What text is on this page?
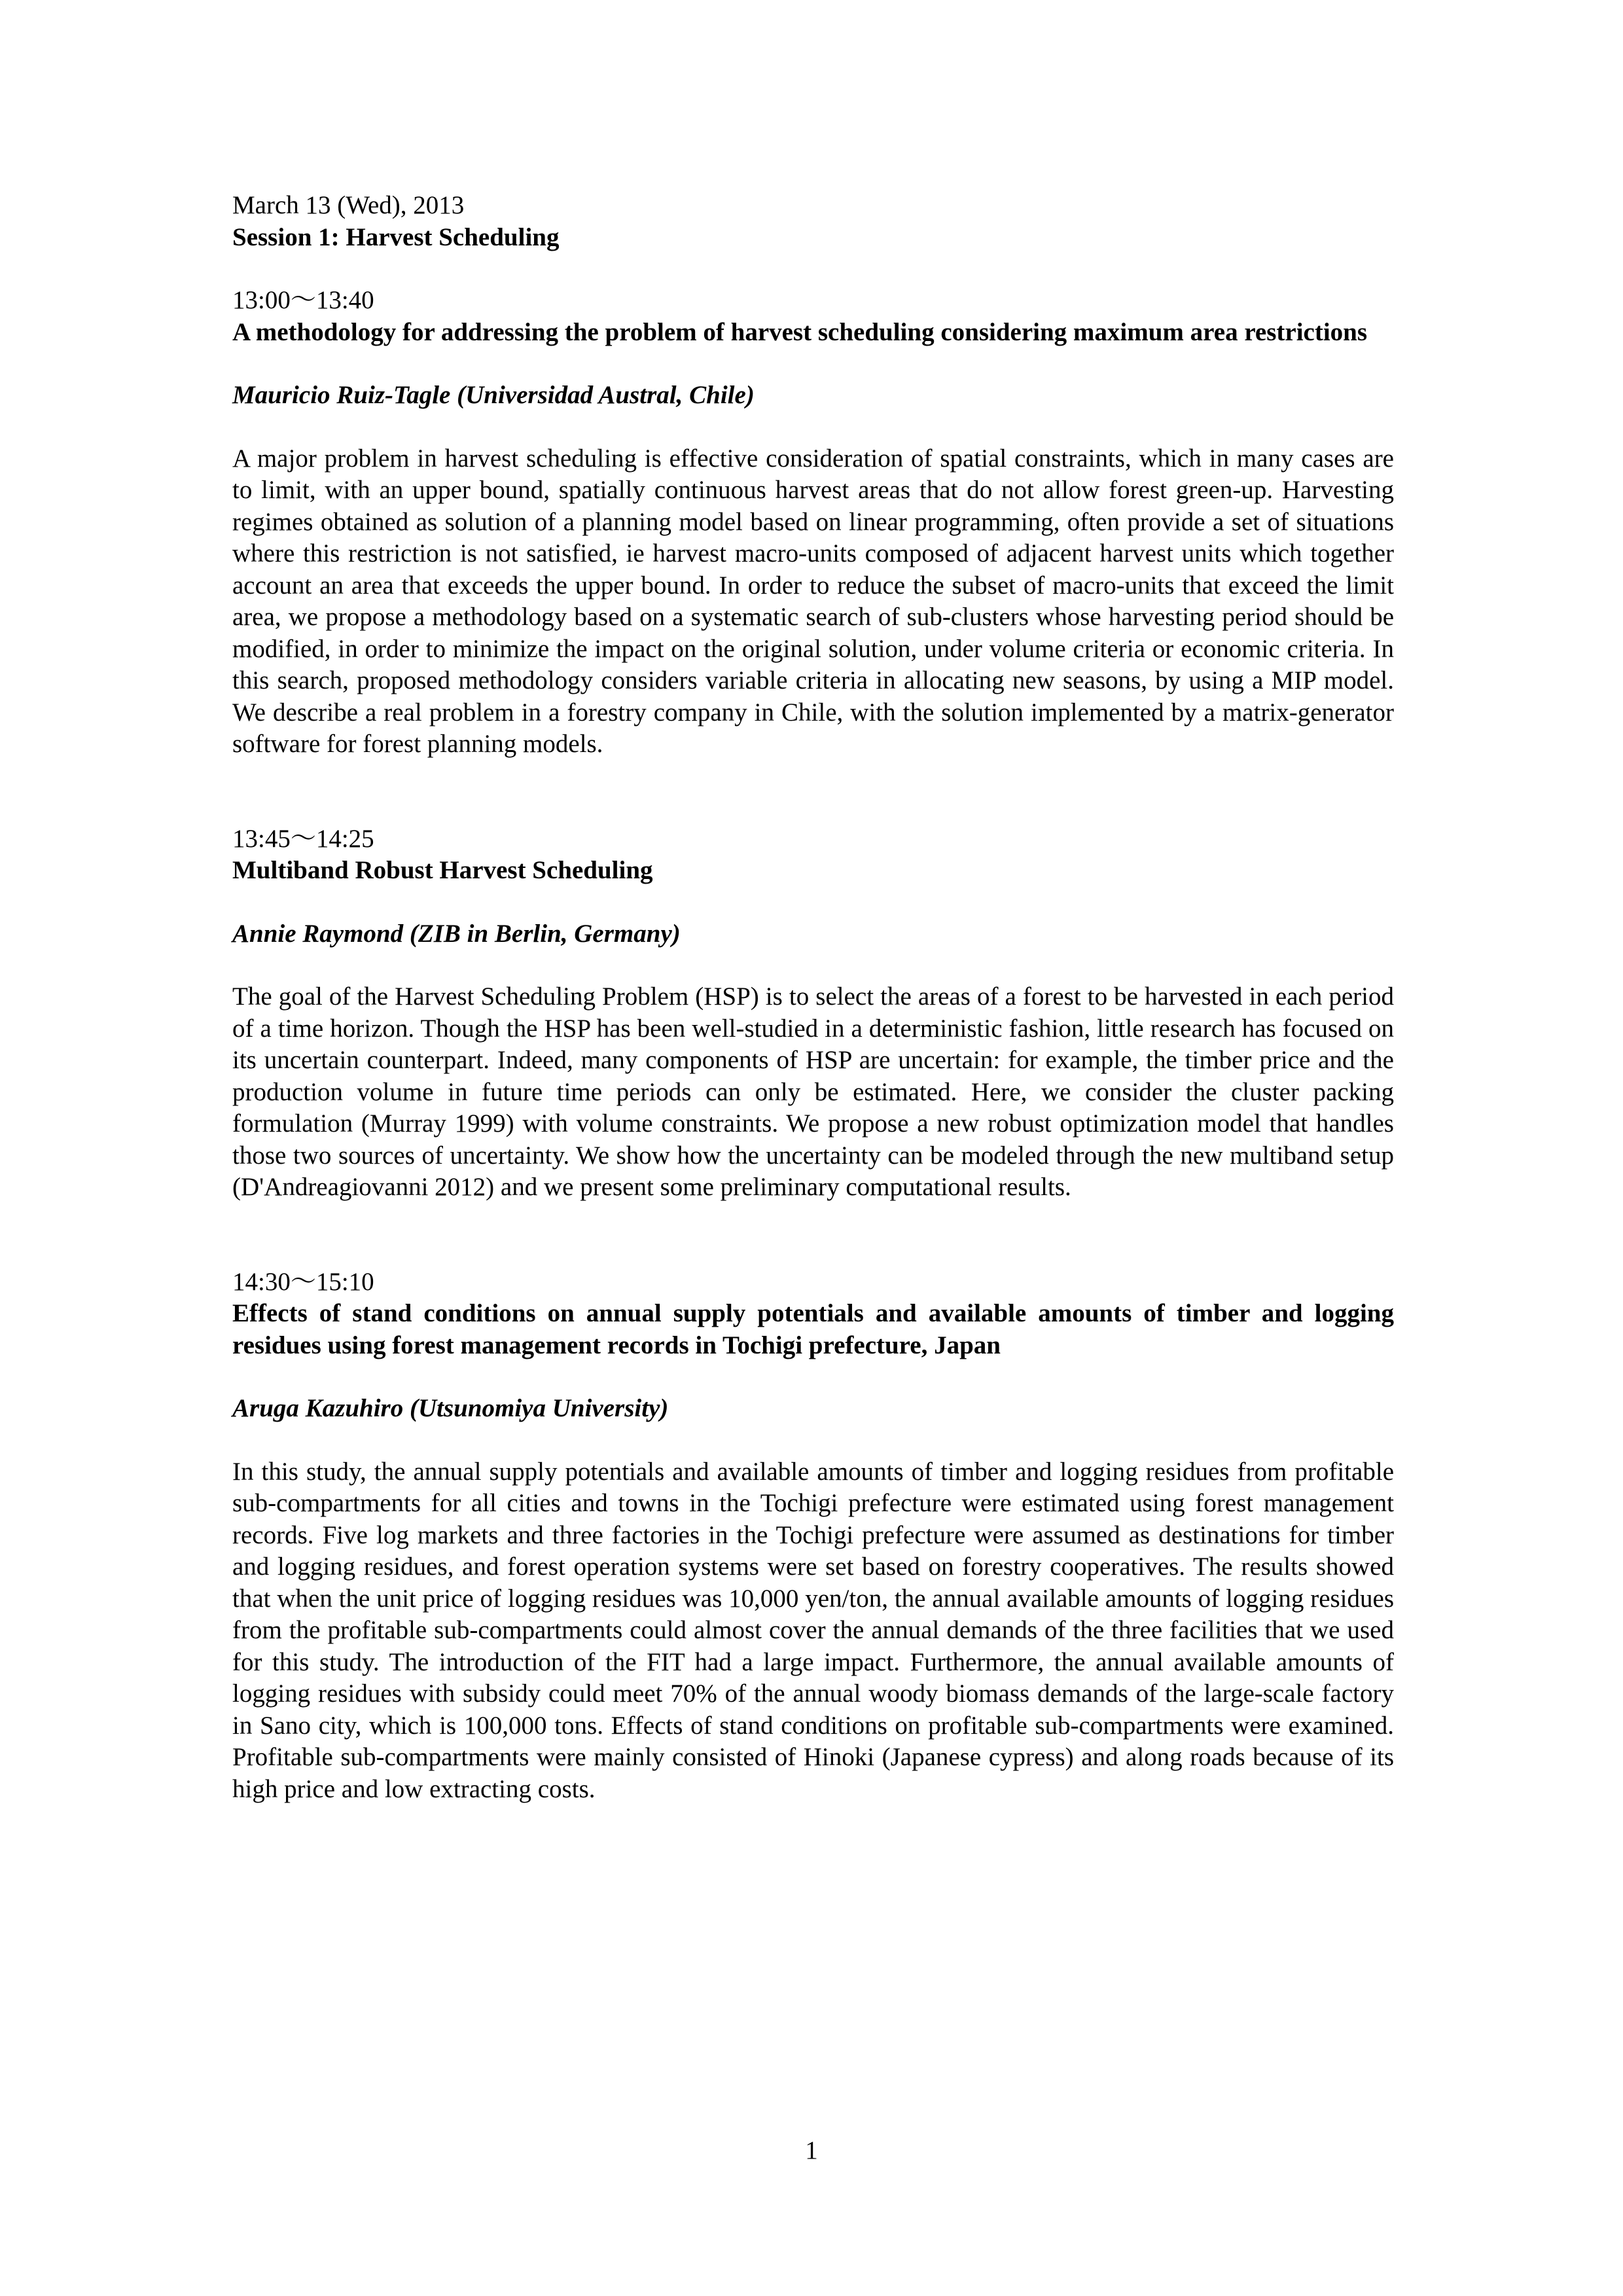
March 13 (Wed), 2013
Session 1: Harvest Scheduling
13:00～13:40
A methodology for addressing the problem of harvest scheduling considering maximum area restrictions
Mauricio Ruiz-Tagle (Universidad Austral, Chile)
A major problem in harvest scheduling is effective consideration of spatial constraints, which in many cases are to limit, with an upper bound, spatially continuous harvest areas that do not allow forest green-up. Harvesting regimes obtained as solution of a planning model based on linear programming, often provide a set of situations where this restriction is not satisfied, ie harvest macro-units composed of adjacent harvest units which together account an area that exceeds the upper bound. In order to reduce the subset of macro-units that exceed the limit area, we propose a methodology based on a systematic search of sub-clusters whose harvesting period should be modified, in order to minimize the impact on the original solution, under volume criteria or economic criteria. In this search, proposed methodology considers variable criteria in allocating new seasons, by using a MIP model. We describe a real problem in a forestry company in Chile, with the solution implemented by a matrix-generator software for forest planning models.
13:45～14:25
Multiband Robust Harvest Scheduling
Annie Raymond (ZIB in Berlin, Germany)
The goal of the Harvest Scheduling Problem (HSP) is to select the areas of a forest to be harvested in each period of a time horizon. Though the HSP has been well-studied in a deterministic fashion, little research has focused on its uncertain counterpart. Indeed, many components of HSP are uncertain: for example, the timber price and the production volume in future time periods can only be estimated. Here, we consider the cluster packing formulation (Murray 1999) with volume constraints. We propose a new robust optimization model that handles those two sources of uncertainty. We show how the uncertainty can be modeled through the new multiband setup (D'Andreagiovanni 2012) and we present some preliminary computational results.
14:30～15:10
Effects of stand conditions on annual supply potentials and available amounts of timber and logging residues using forest management records in Tochigi prefecture, Japan
Aruga Kazuhiro (Utsunomiya University)
In this study, the annual supply potentials and available amounts of timber and logging residues from profitable sub-compartments for all cities and towns in the Tochigi prefecture were estimated using forest management records. Five log markets and three factories in the Tochigi prefecture were assumed as destinations for timber and logging residues, and forest operation systems were set based on forestry cooperatives. The results showed that when the unit price of logging residues was 10,000 yen/ton, the annual available amounts of logging residues from the profitable sub-compartments could almost cover the annual demands of the three facilities that we used for this study. The introduction of the FIT had a large impact. Furthermore, the annual available amounts of logging residues with subsidy could meet 70% of the annual woody biomass demands of the large-scale factory in Sano city, which is 100,000 tons. Effects of stand conditions on profitable sub-compartments were examined. Profitable sub-compartments were mainly consisted of Hinoki (Japanese cypress) and along roads because of its high price and low extracting costs.
1
